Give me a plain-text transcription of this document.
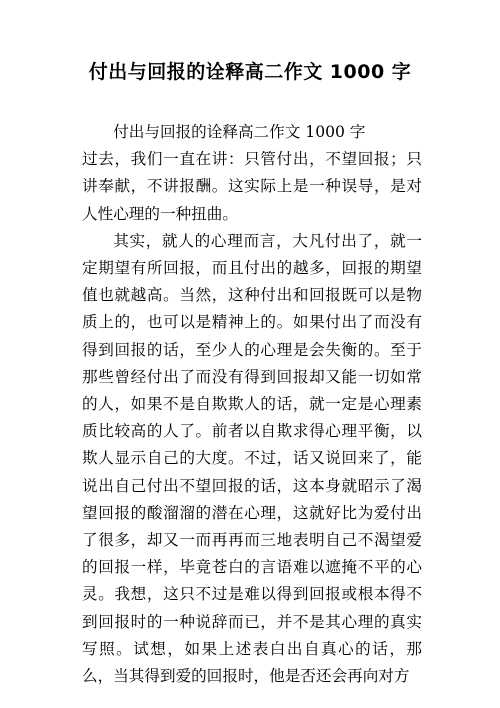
付出与回报的诠释高二作文 1000 字

付出与回报的诠释高二作文 1000 字

过去，我们一直在讲：只管付出，不望回报；只讲奉献，不讲报酬。这实际上是一种误导，是对人性心理的一种扭曲。

其实，就人的心理而言，大凡付出了，就一定期望有所回报，而且付出的越多，回报的期望值也就越高。当然，这种付出和回报既可以是物质上的，也可以是精神上的。如果付出了而没有得到回报的话，至少人的心理是会失衡的。至于那些曾经付出了而没有得到回报却又能一切如常的人，如果不是自欺欺人的话，就一定是心理素质比较高的人了。前者以自欺求得心理平衡，以欺人显示自己的大度。不过，话又说回来了，能说出自己付出不望回报的话，这本身就昭示了渴望回报的酸溜溜的潜在心理，这就好比为爱付出了很多，却又一而再再而三地表明自己不渴望爱的回报一样，毕竟苍白的言语难以遮掩不平的心灵。我想，这只不过是难以得到回报或根本得不到回报时的一种说辞而已，并不是其心理的真实写照。试想，如果上述表白出自真心的话，那么，当其得到爱的回报时，他是否还会再向对方
